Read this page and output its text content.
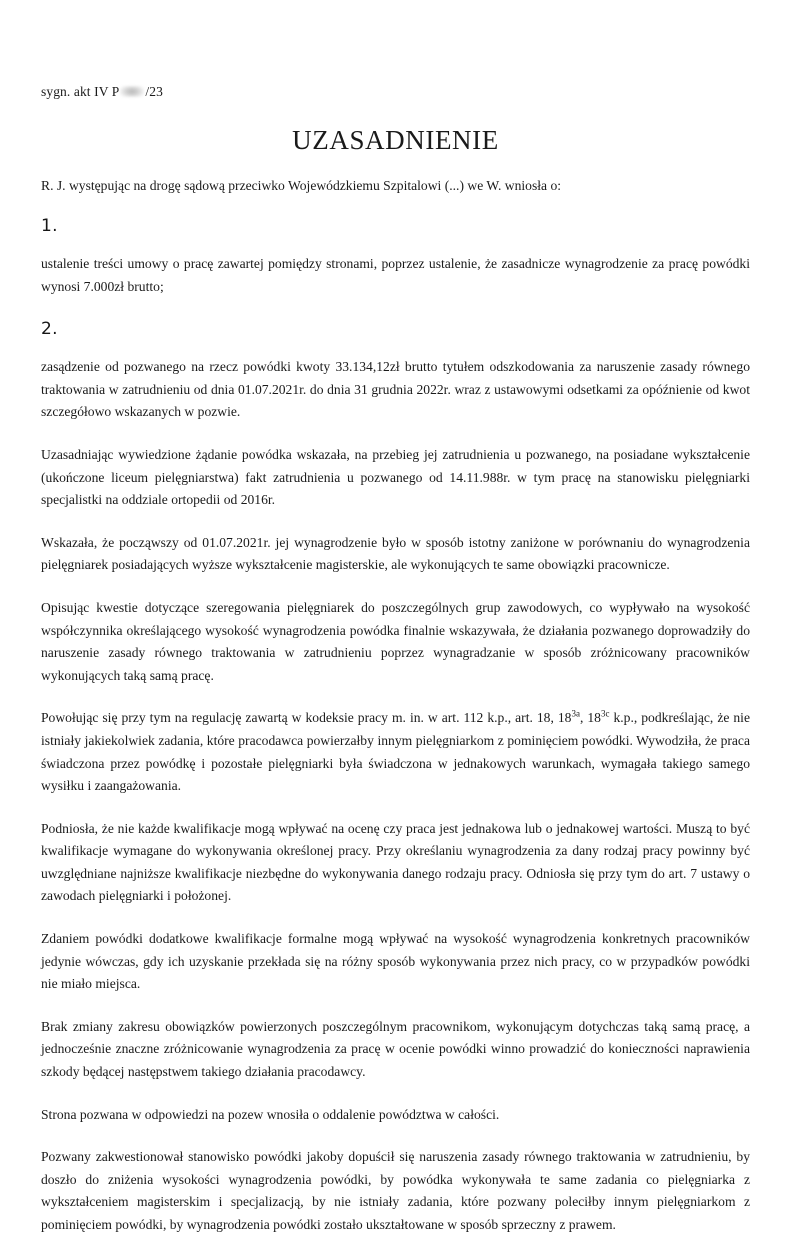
sygn. akt IV P /23
UZASADNIENIE
R. J. występując na drogę sądową przeciwko Wojewódzkiemu Szpitalowi (...) we W. wniosła o:
1.

ustalenie treści umowy o pracę zawartej pomiędzy stronami, poprzez ustalenie, że zasadnicze wynagrodzenie za pracę powódki wynosi 7.000zł brutto;

2.

zasądzenie od pozwanego na rzecz powódki kwoty 33.134,12zł brutto tytułem odszkodowania za naruszenie zasady równego traktowania w zatrudnieniu od dnia 01.07.2021r. do dnia 31 grudnia 2022r. wraz z ustawowymi odsetkami za opóźnienie od kwot szczegółowo wskazanych w pozwie.

Uzasadniając wywiedzione żądanie powódka wskazała, na przebieg jej zatrudnienia u pozwanego, na posiadane wykształcenie (ukończone liceum pielęgniarstwa) fakt zatrudnienia u pozwanego od 14.11.988r. w tym pracę na stanowisku pielęgniarki specjalistki na oddziale ortopedii od 2016r.

Wskazała, że począwszy od 01.07.2021r. jej wynagrodzenie było w sposób istotny zaniżone w porównaniu do wynagrodzenia pielęgniarek posiadających wyższe wykształcenie magisterskie, ale wykonujących te same obowiązki pracownicze.

Opisując kwestie dotyczące szeregowania pielęgniarek do poszczególnych grup zawodowych, co wypływało na wysokość współczynnika określającego wysokość wynagrodzenia powódka finalnie wskazywała, że działania pozwanego doprowadziły do naruszenie zasady równego traktowania w zatrudnieniu poprzez wynagradzanie w sposób zróżnicowany pracowników wykonujących taką samą pracę.

Powołując się przy tym na regulację zawartą w kodeksie pracy m. in. w art. 112 k.p., art. 18, $18^{3a}$, $18^{3c}$ k.p., podkreślając, że nie istniały jakiekolwiek zadania, które pracodawca powierzałby innym pielęgniarkom z pominięciem powódki. Wywodziła, że praca świadczona przez powódkę i pozostałe pielęgniarki była świadczona w jednakowych warunkach, wymagała takiego samego wysiłku i zaangażowania.

Podniosła, że nie każde kwalifikacje mogą wpływać na ocenę czy praca jest jednakowa lub o jednakowej wartości. Muszą to być kwalifikacje wymagane do wykonywania określonej pracy. Przy określaniu wynagrodzenia za dany rodzaj pracy powinny być uwzględniane najniższe kwalifikacje niezbędne do wykonywania danego rodzaju pracy. Odniosła się przy tym do art. 7 ustawy o zawodach pielęgniarki i położonej.

Zdaniem powódki dodatkowe kwalifikacje formalne mogą wpływać na wysokość wynagrodzenia konkretnych pracowników jedynie wówczas, gdy ich uzyskanie przekłada się na różny sposób wykonywania przez nich pracy, co w przypadków powódki nie miało miejsca.

Brak zmiany zakresu obowiązków powierzonych poszczególnym pracownikom, wykonującym dotychczas taką samą pracę, a jednocześnie znaczne zróżnicowanie wynagrodzenia za pracę w ocenie powódki winno prowadzić do konieczności naprawienia szkody będącej następstwem takiego działania pracodawcy.

Strona pozwana w odpowiedzi na pozew wnosiła o oddalenie powództwa w całości.

Pozwany zakwestionował stanowisko powódki jakoby dopuścił się naruszenia zasady równego traktowania w zatrudnieniu, by doszło do zniżenia wysokości wynagrodzenia powódki, by powódka wykonywała te same zadania co pielęgniarka z wykształceniem magisterskim i specjalizacją, by nie istniały zadania, które pozwany poleciłby innym pielęgniarkom z pominięciem powódki, by wynagrodzenia powódki zostało ukształtowane w sposób sprzeczny z prawem.
